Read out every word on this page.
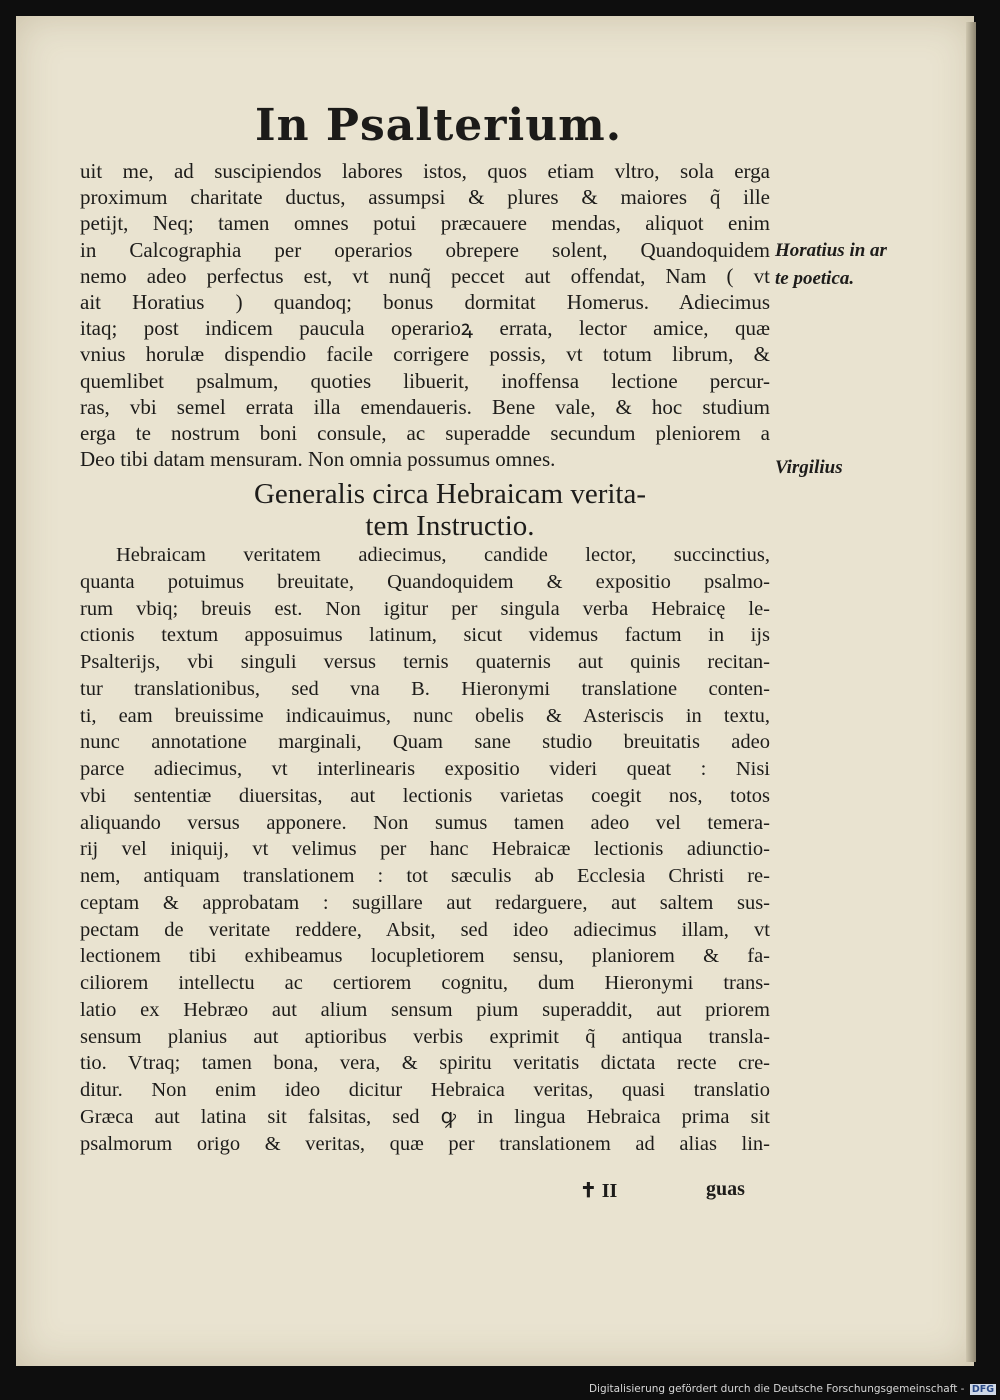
In Psalterium.
uit me, ad suscipiendos labores istos, quos etiam vltro, sola erga
proximum charitate ductus, assumpsi & plures & maiores q̃ ille
petijt, Neq; tamen omnes potui præcauere mendas, aliquot enim
in Calcographia per operarios obrepere solent, Quandoquidem
nemo adeo perfectus est, vt nunq̃ peccet aut offendat, Nam ( vt
ait Horatius ) quandoq; bonus dormitat Homerus. Adiecimus
itaq; post indicem paucula operarioꝝ errata, lector amice, quæ
vnius horulæ dispendio facile corrigere possis, vt totum librum, &
quemlibet psalmum, quoties libuerit, inoffensa lectione percur-
ras, vbi semel errata illa emendaueris. Bene vale, & hoc studium
erga te nostrum boni consule, ac superadde secundum pleniorem a
Deo tibi datam mensuram. Non omnia possumus omnes.
Horatius in ar
te poetica.
Virgilius
Generalis circa Hebraicam verita-
tem Instructio.
Hebraicam veritatem adiecimus, candide lector, succinctius,
quanta potuimus breuitate, Quandoquidem & expositio psalmo-
rum vbiq; breuis est. Non igitur per singula verba Hebraicę le-
ctionis textum apposuimus latinum, sicut videmus factum in ijs
Psalterijs, vbi singuli versus ternis quaternis aut quinis recitan-
tur translationibus, sed vna B. Hieronymi translatione conten-
ti, eam breuissime indicauimus, nunc obelis & Asteriscis in textu,
nunc annotatione marginali, Quam sane studio breuitatis adeo
parce adiecimus, vt interlinearis expositio videri queat : Nisi
vbi sententiæ diuersitas, aut lectionis varietas coegit nos, totos
aliquando versus apponere. Non sumus tamen adeo vel temera-
rij vel iniquij, vt velimus per hanc Hebraicæ lectionis adiunctio-
nem, antiquam translationem : tot sæculis ab Ecclesia Christi re-
ceptam & approbatam : sugillare aut redarguere, aut saltem sus-
pectam de veritate reddere, Absit, sed ideo adiecimus illam, vt
lectionem tibi exhibeamus locupletiorem sensu, planiorem & fa-
ciliorem intellectu ac certiorem cognitu, dum Hieronymi trans-
latio ex Hebræo aut alium sensum pium superaddit, aut priorem
sensum planius aut aptioribus verbis exprimit q̃ antiqua transla-
tio. Vtraq; tamen bona, vera, & spiritu veritatis dictata recte cre-
ditur. Non enim ideo dicitur Hebraica veritas, quasi translatio
Græca aut latina sit falsitas, sed ꝙ in lingua Hebraica prima sit
psalmorum origo & veritas, quæ per translationem ad alias lin-
✝ II	guas
Digitalisierung gefördert durch die Deutsche Forschungsgemeinschaft - DFG
